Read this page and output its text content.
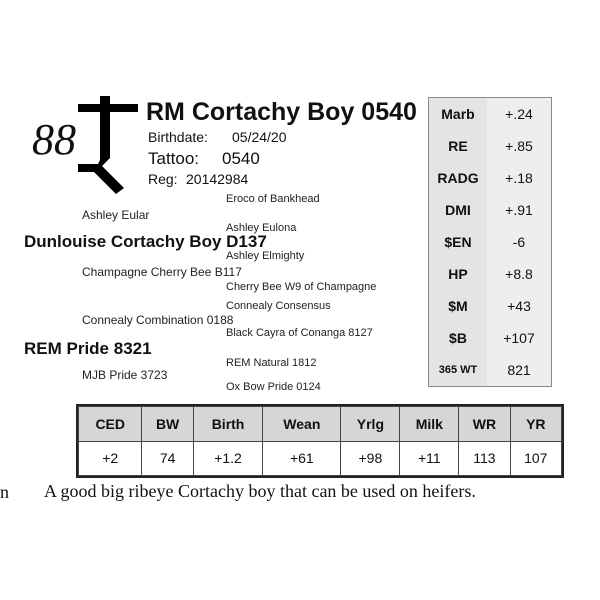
88
RM Cortachy Boy 0540
Birthdate: 05/24/20
Tattoo: 0540
Reg: 20142984
Eroco of Bankhead
Ashley Eular
Ashley Eulona
Dunlouise Cortachy Boy D137
Ashley Elmighty
Champagne Cherry Bee B117
Cherry Bee W9 of Champagne
Connealy Consensus
Connealy Combination 0188
Black Cayra of Conanga 8127
REM Pride 8321
REM Natural 1812
MJB Pride 3723
Ox Bow Pride 0124
Marb	+.24
RE	+.85
RADG	+.18
DMI	+.91
$EN	-6
HP	+8.8
$M	+43
$B	+107
365 WT	821
CED	BW	Birth	Wean	Yrlg	Milk	WR	YR
+2	74	+1.2	+61	+98	+11	113	107
n A good big ribeye Cortachy boy that can be used on heifers.
